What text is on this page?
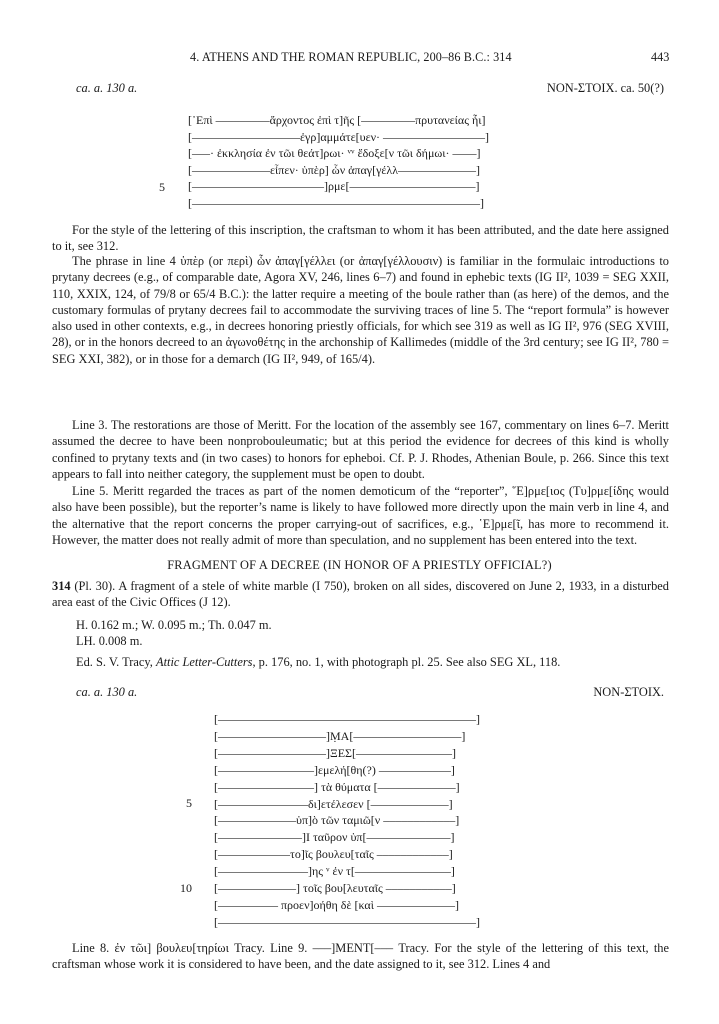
4. ATHENS AND THE ROMAN REPUBLIC, 200–86 B.C.: 314	443
ca. a. 130 a.	NON-ΣΤΟΙΧ. ca. 50(?)
[᾽Επὶ –––––––––ἄρχοντος ἐπὶ τ]ῆς [–––––––––πρυτανείας ἧι]
[––––––––––––––––––ἐγρ]αμμάτε[υεν· –––––––––––––––––]
[–––· ἐκκλησία ἐν τῶι θεάτ]ρωι· ᵛᵛ ἔδοξε[ν τῶι δήμωι· ––––]
[–––––––––––––εἶπεν· ὑπὲρ] ὧν ἀπαγ[γέλλ–––––––––––––]
[––––––––––––––––––––––]ρμε[–––––––––––––––––––––]
[––––––––––––––––––––––––––––––––––––––––––––––––]
5

For the style of the lettering of this inscription, the craftsman to whom it has been attributed, and the date here assigned to it, see 312.

The phrase in line 4 ὑπὲρ (or περὶ) ὧν ἀπαγ[γέλλει (or ἀπαγ[γέλλουσιν) is familiar in the formulaic introductions to prytany decrees (e.g., of comparable date, Agora XV, 246, lines 6–7) and found in ephebic texts (IG II², 1039 = SEG XXII, 110, XXIX, 124, of 79/8 or 65/4 B.C.): the latter require a meeting of the boule rather than (as here) of the demos, and the customary formulas of prytany decrees fail to accommodate the surviving traces of line 5. The “report formula” is however also used in other contexts, e.g., in decrees honoring priestly officials, for which see 319 as well as IG II², 976 (SEG XVIII, 28), or in the honors decreed to an ἀγωνοθέτης in the archonship of Kallimedes (middle of the 3rd century; see IG II², 780 = SEG XXI, 382), or in those for a demarch (IG II², 949, of 165/4).

Line 3. The restorations are those of Meritt. For the location of the assembly see 167, commentary on lines 6–7. Meritt assumed the decree to have been nonprobouleumatic; but at this period the evidence for decrees of this kind is wholly confined to prytany texts and (in two cases) to honors for epheboi. Cf. P. J. Rhodes, Athenian Boule, p. 266. Since this text appears to fall into neither category, the supplement must be open to doubt.

Line 5. Meritt regarded the traces as part of the nomen demoticum of the “reporter”, ῞Ε]ρμε[ιος (Τυ]ρμε[ίδης would also have been possible), but the reporter’s name is likely to have followed more directly upon the main verb in line 4, and the alternative that the report concerns the proper carrying-out of sacrifices, e.g., ῾Ε]ρμε[ῖ, has more to recommend it. However, the matter does not really admit of more than speculation, and no supplement has been entered into the text.

FRAGMENT OF A DECREE (IN HONOR OF A PRIESTLY OFFICIAL?)

314 (Pl. 30). A fragment of a stele of white marble (I 750), broken on all sides, discovered on June 2, 1933, in a disturbed area east of the Civic Offices (J 12).

H. 0.162 m.; W. 0.095 m.; Th. 0.047 m.
LH. 0.008 m.
Ed. S. V. Tracy, Attic Letter-Cutters, p. 176, no. 1, with photograph pl. 25. See also SEG XL, 118.
ca. a. 130 a.	NON-ΣΤΟΙΧ.
[–––––––––––––––––––––––––––––––––––––––––––]
[––––––––––––––––––]ṂΑ[––––––––––––––––––]
[––––––––––––––––––]ΞΕΣ[––––––––––––––––]
[––––––––––––––––]εμελή[θη(?) ––––––––––––]
[––––––––––––––––] τὰ θύματα [–––––––––––––]
[–––––––––––––––δι]ετέλεσεν [–––––––––––––]
[–––––––––––––ὑπ]ὸ τῶν ταμιῶ[ν ––––––––––––]
[––––––––––––––]Ι ταῦρον ὑπ[––––––––––––––]
[––––––––––––το]ῖς βουλευ[ταῖς ––––––––––––]
[–––––––––––––––]ης ᵛ ἐν τ[––––––––––––––––]
[–––––––––––––] τοῖς βου[λευταῖς –––––––––––]
[–––––––––– προεν]οήθη δὲ [καὶ –––––––––––––]
[–––––––––––––––––––––––––––––––––––––––––––]
5
10

Line 8. ἐν τῶι] βουλευ[τηρίωι Tracy. Line 9. –––]ΜΕΝΤ[––– Tracy. For the style of the lettering of this text, the craftsman whose work it is considered to have been, and the date assigned to it, see 312. Lines 4 and
